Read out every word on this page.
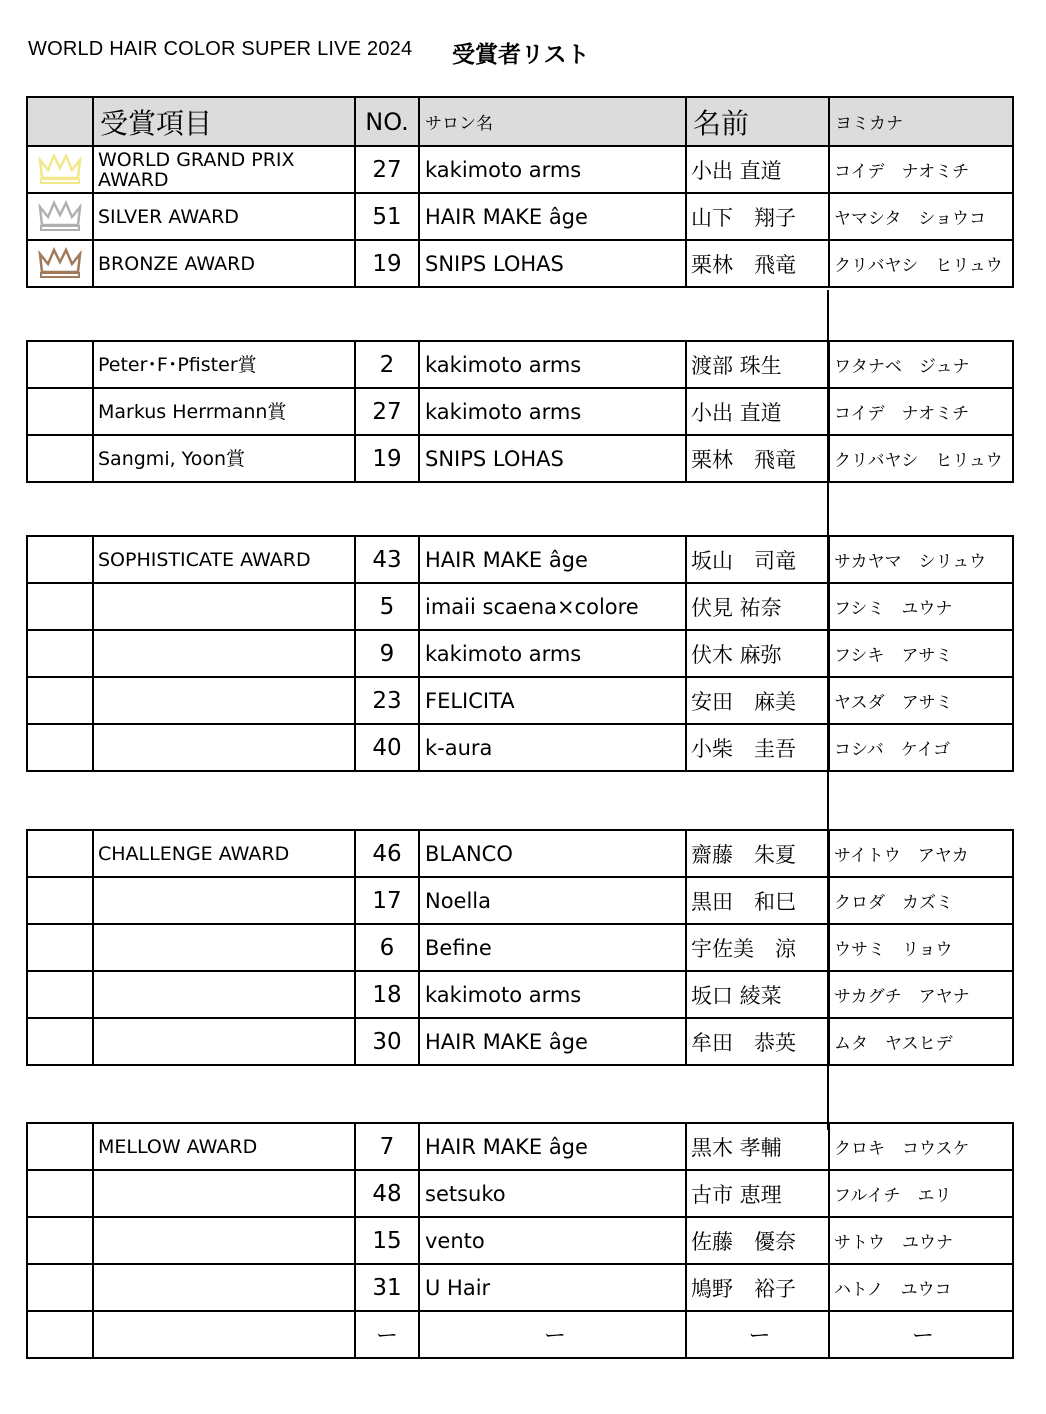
WORLD HAIR COLOR SUPER LIVE 2024 受賞者リスト
	受賞項目	NO.	サロン名	名前	ヨミカナ
	WORLD GRAND PRIX AWARD	27	kakimoto arms	小出 直道	コイデ　ナオミチ
	SILVER AWARD	51	HAIR MAKE âge	山下　翔子	ヤマシタ　ショウコ
	BRONZE AWARD	19	SNIPS LOHAS	栗林　飛竜	クリバヤシ　ヒリュウ
	Peter･F･Pfister賞	2	kakimoto arms	渡部 珠生	ワタナベ　ジュナ
	Markus Herrmann賞	27	kakimoto arms	小出 直道	コイデ　ナオミチ
	Sangmi, Yoon賞	19	SNIPS LOHAS	栗林　飛竜	クリバヤシ　ヒリュウ
	SOPHISTICATE AWARD	43	HAIR MAKE âge	坂山　司竜	サカヤマ　シリュウ
		5	imaii scaena×colore	伏見 祐奈	フシミ　ユウナ
		9	kakimoto arms	伏木 麻弥	フシキ　アサミ
		23	FELICITA	安田　麻美	ヤスダ　アサミ
		40	k-aura	小柴　圭吾	コシバ　ケイゴ
	CHALLENGE AWARD	46	BLANCO	齋藤　朱夏	サイトウ　アヤカ
		17	Noella	黒田　和巳	クロダ　カズミ
		6	Befine	宇佐美　涼	ウサミ　リョウ
		18	kakimoto arms	坂口 綾菜	サカグチ　アヤナ
		30	HAIR MAKE âge	牟田　恭英	ムタ　ヤスヒデ
	MELLOW AWARD	7	HAIR MAKE âge	黒木 孝輔	クロキ　コウスケ
		48	setsuko	古市 恵理	フルイチ　エリ
		15	vento	佐藤　優奈	サトウ　ユウナ
		31	U Hair	鳩野　裕子	ハトノ　ユウコ
		ー	ー	ー	ー
